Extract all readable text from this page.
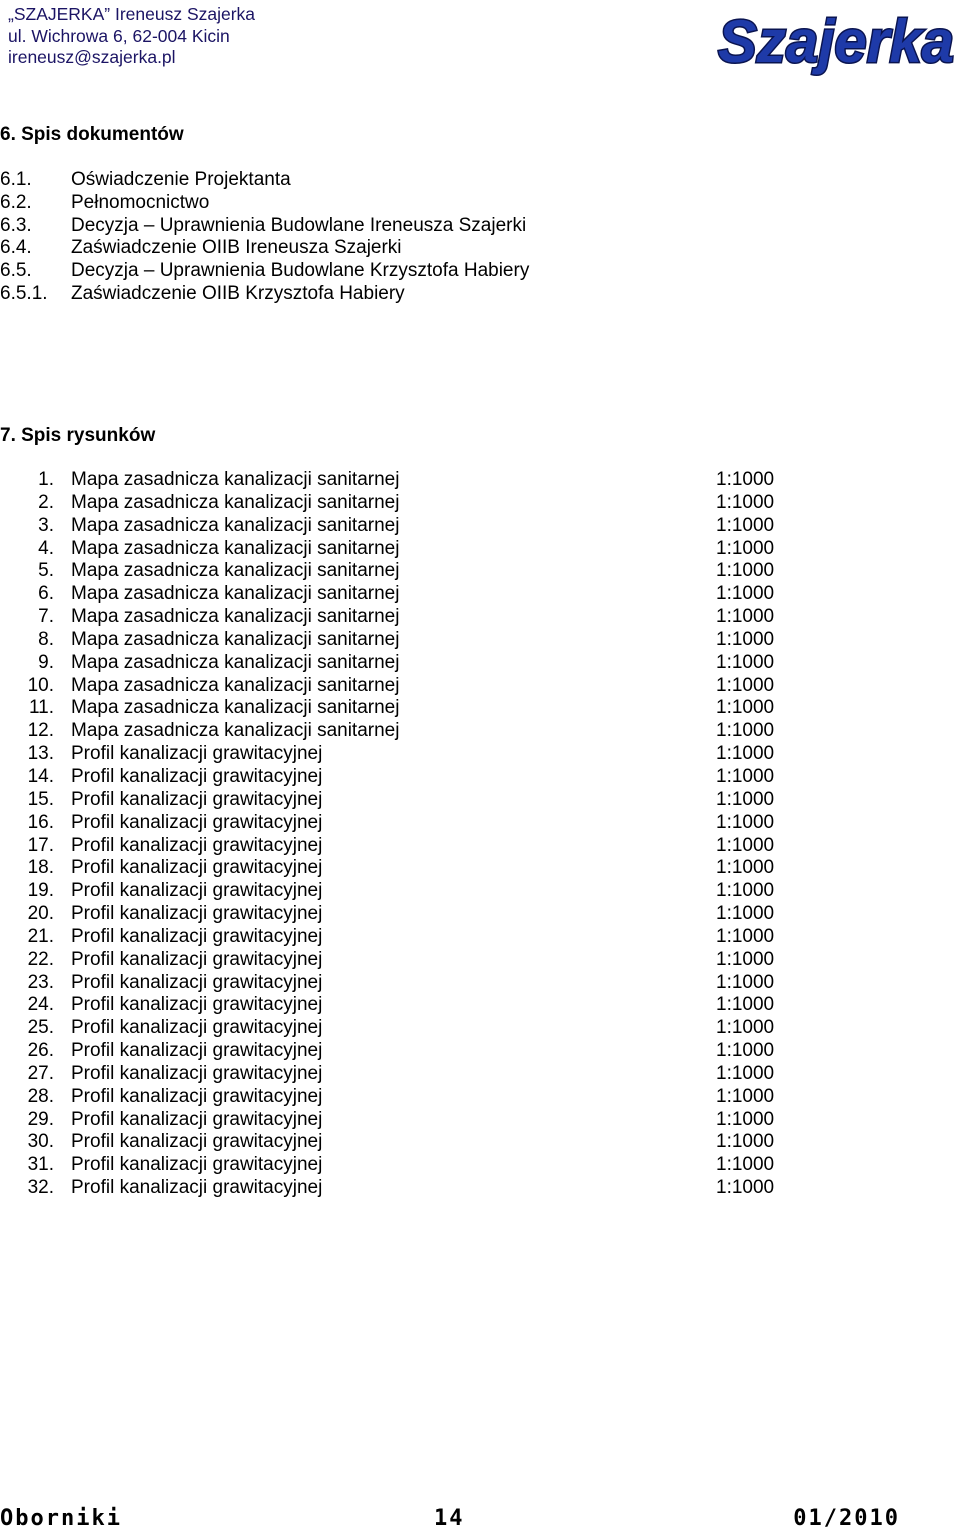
„SZAJERKA” Ireneusz Szajerka
ul. Wichrowa 6, 62-004 Kicin
ireneusz@szajerka.pl	Szajerka
6. Spis dokumentów
6.1. Oświadczenie Projektanta
6.2. Pełnomocnictwo
6.3. Decyzja – Uprawnienia Budowlane Ireneusza Szajerki
6.4. Zaświadczenie OIIB Ireneusza Szajerki
6.5. Decyzja – Uprawnienia Budowlane Krzysztofa Habiery
6.5.1. Zaświadczenie OIIB Krzysztofa Habiery
7. Spis rysunków
1. Mapa zasadnicza kanalizacji sanitarnej	1:1000
2. Mapa zasadnicza kanalizacji sanitarnej	1:1000
3. Mapa zasadnicza kanalizacji sanitarnej	1:1000
4. Mapa zasadnicza kanalizacji sanitarnej	1:1000
5. Mapa zasadnicza kanalizacji sanitarnej	1:1000
6. Mapa zasadnicza kanalizacji sanitarnej	1:1000
7. Mapa zasadnicza kanalizacji sanitarnej	1:1000
8. Mapa zasadnicza kanalizacji sanitarnej	1:1000
9. Mapa zasadnicza kanalizacji sanitarnej	1:1000
10. Mapa zasadnicza kanalizacji sanitarnej	1:1000
11. Mapa zasadnicza kanalizacji sanitarnej	1:1000
12. Mapa zasadnicza kanalizacji sanitarnej	1:1000
13. Profil kanalizacji grawitacyjnej	1:1000
14. Profil kanalizacji grawitacyjnej	1:1000
15. Profil kanalizacji grawitacyjnej	1:1000
16. Profil kanalizacji grawitacyjnej	1:1000
17. Profil kanalizacji grawitacyjnej	1:1000
18. Profil kanalizacji grawitacyjnej	1:1000
19. Profil kanalizacji grawitacyjnej	1:1000
20. Profil kanalizacji grawitacyjnej	1:1000
21. Profil kanalizacji grawitacyjnej	1:1000
22. Profil kanalizacji grawitacyjnej	1:1000
23. Profil kanalizacji grawitacyjnej	1:1000
24. Profil kanalizacji grawitacyjnej	1:1000
25. Profil kanalizacji grawitacyjnej	1:1000
26. Profil kanalizacji grawitacyjnej	1:1000
27. Profil kanalizacji grawitacyjnej	1:1000
28. Profil kanalizacji grawitacyjnej	1:1000
29. Profil kanalizacji grawitacyjnej	1:1000
30. Profil kanalizacji grawitacyjnej	1:1000
31. Profil kanalizacji grawitacyjnej	1:1000
32. Profil kanalizacji grawitacyjnej	1:1000
Oborniki	14	01/2010
